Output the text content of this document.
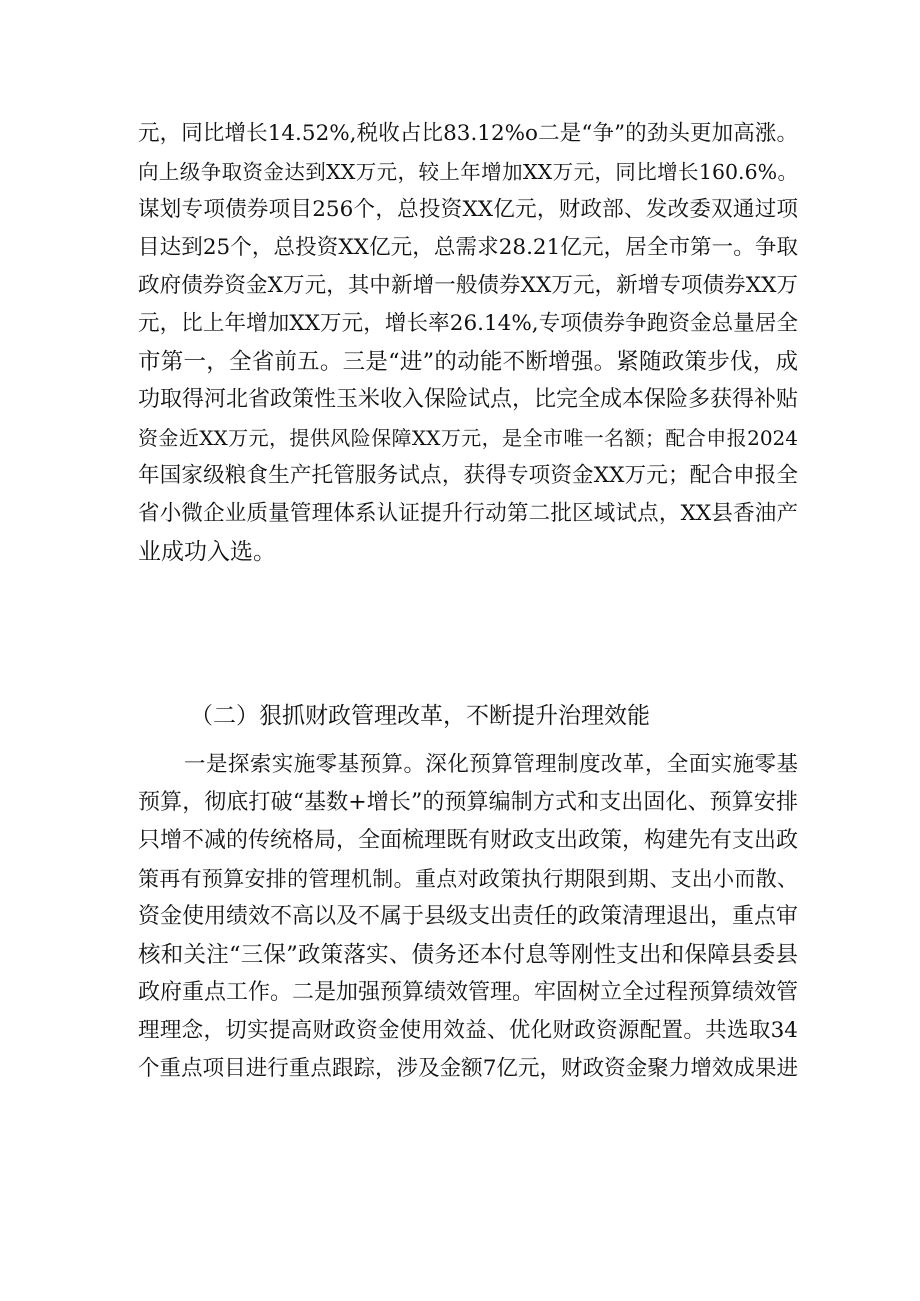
元，同比增长14.52%,税收占比83.12%o二是“争”的劲头更加高涨。
向上级争取资金达到XX万元，较上年增加XX万元，同比增长160.6%。
谋划专项债券项目256个，总投资XX亿元，财政部、发改委双通过项
目达到25个，总投资XX亿元，总需求28.21亿元，居全市第一。争取
政府债券资金X万元，其中新增一般债券XX万元，新增专项债券XX万
元，比上年增加XX万元，增长率26.14%,专项债券争跑资金总量居全
市第一，全省前五。三是“进”的动能不断增强。紧随政策步伐，成
功取得河北省政策性玉米收入保险试点，比完全成本保险多获得补贴
资金近XX万元，提供风险保障XX万元，是全市唯一名额；配合申报2024
年国家级粮食生产托管服务试点，获得专项资金XX万元；配合申报全
省小微企业质量管理体系认证提升行动第二批区域试点，XX县香油产
业成功入选。
（二）狠抓财政管理改革，不断提升治理效能
一是探索实施零基预算。深化预算管理制度改革，全面实施零基
预算，彻底打破“基数+增长”的预算编制方式和支出固化、预算安排
只增不减的传统格局，全面梳理既有财政支出政策，构建先有支出政
策再有预算安排的管理机制。重点对政策执行期限到期、支出小而散、
资金使用绩效不高以及不属于县级支出责任的政策清理退出，重点审
核和关注“三保”政策落实、债务还本付息等刚性支出和保障县委县
政府重点工作。二是加强预算绩效管理。牢固树立全过程预算绩效管
理理念，切实提高财政资金使用效益、优化财政资源配置。共选取34
个重点项目进行重点跟踪，涉及金额7亿元，财政资金聚力增效成果进
